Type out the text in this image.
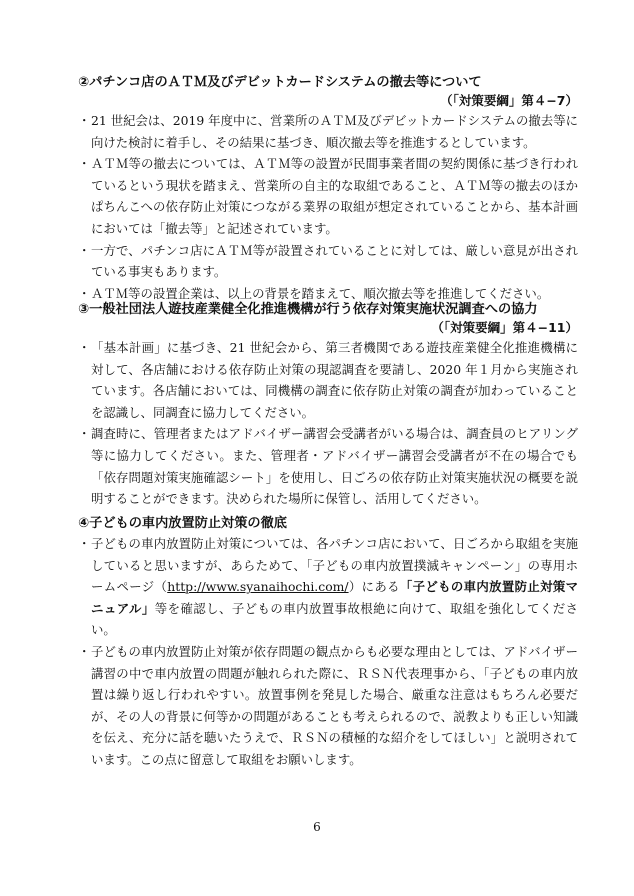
②パチンコ店のＡＴＭ及びデビットカードシステムの撤去等について

（「対策要綱」第４−7）

・ 21 世紀会は、2019 年度中に、営業所のＡＴＭ及びデビットカードシステムの撤去等に向けた検討に着手し、その結果に基づき、順次撤去等を推進するとしています。
・ ＡＴＭ等の撤去については、ＡＴＭ等の設置が民間事業者間の契約関係に基づき行われているという現状を踏まえ、営業所の自主的な取組であること、ＡＴＭ等の撤去のほかぱちんこへの依存防止対策につながる業界の取組が想定されていることから、基本計画においては「撤去等」と記述されています。
・ 一方で、パチンコ店にＡＴＭ等が設置されていることに対しては、厳しい意見が出されている事実もあります。
・ ＡＴＭ等の設置企業は、以上の背景を踏まえて、順次撤去等を推進してください。

③一般社団法人遊技産業健全化推進機構が行う依存対策実施状況調査への協力

（「対策要綱」第４−11）

・ 「基本計画」に基づき、21 世紀会から、第三者機関である遊技産業健全化推進機構に対して、各店舗における依存防止対策の現認調査を要請し、2020 年１月から実施されています。各店舗においては、同機構の調査に依存防止対策の調査が加わっていることを認識し、同調査に協力してください。
・ 調査時に、管理者またはアドバイザー講習会受講者がいる場合は、調査員のヒアリング等に協力してください。また、管理者・アドバイザー講習会受講者が不在の場合でも「依存問題対策実施確認シート」を使用し、日ごろの依存防止対策実施状況の概要を説明することができます。決められた場所に保管し、活用してください。

④子どもの車内放置防止対策の徹底

・ 子どもの車内放置防止対策については、各パチンコ店において、日ごろから取組を実施していると思いますが、あらためて、「子どもの車内放置撲滅キャンペーン」の専用ホームページ（http://www.syanaihochi.com/）にある「子どもの車内放置防止対策マニュアル」等を確認し、子どもの車内放置事故根絶に向けて、取組を強化してください。
・ 子どもの車内放置防止対策が依存問題の観点からも必要な理由としては、アドバイザー講習の中で車内放置の問題が触れられた際に、ＲＳＮ代表理事から、「子どもの車内放置は繰り返し行われやすい。放置事例を発見した場合、厳重な注意はもちろん必要だが、その人の背景に何等かの問題があることも考えられるので、説教よりも正しい知識を伝え、充分に話を聴いたうえで、ＲＳＮの積極的な紹介をしてほしい」と説明されています。この点に留意して取組をお願いします。
6
